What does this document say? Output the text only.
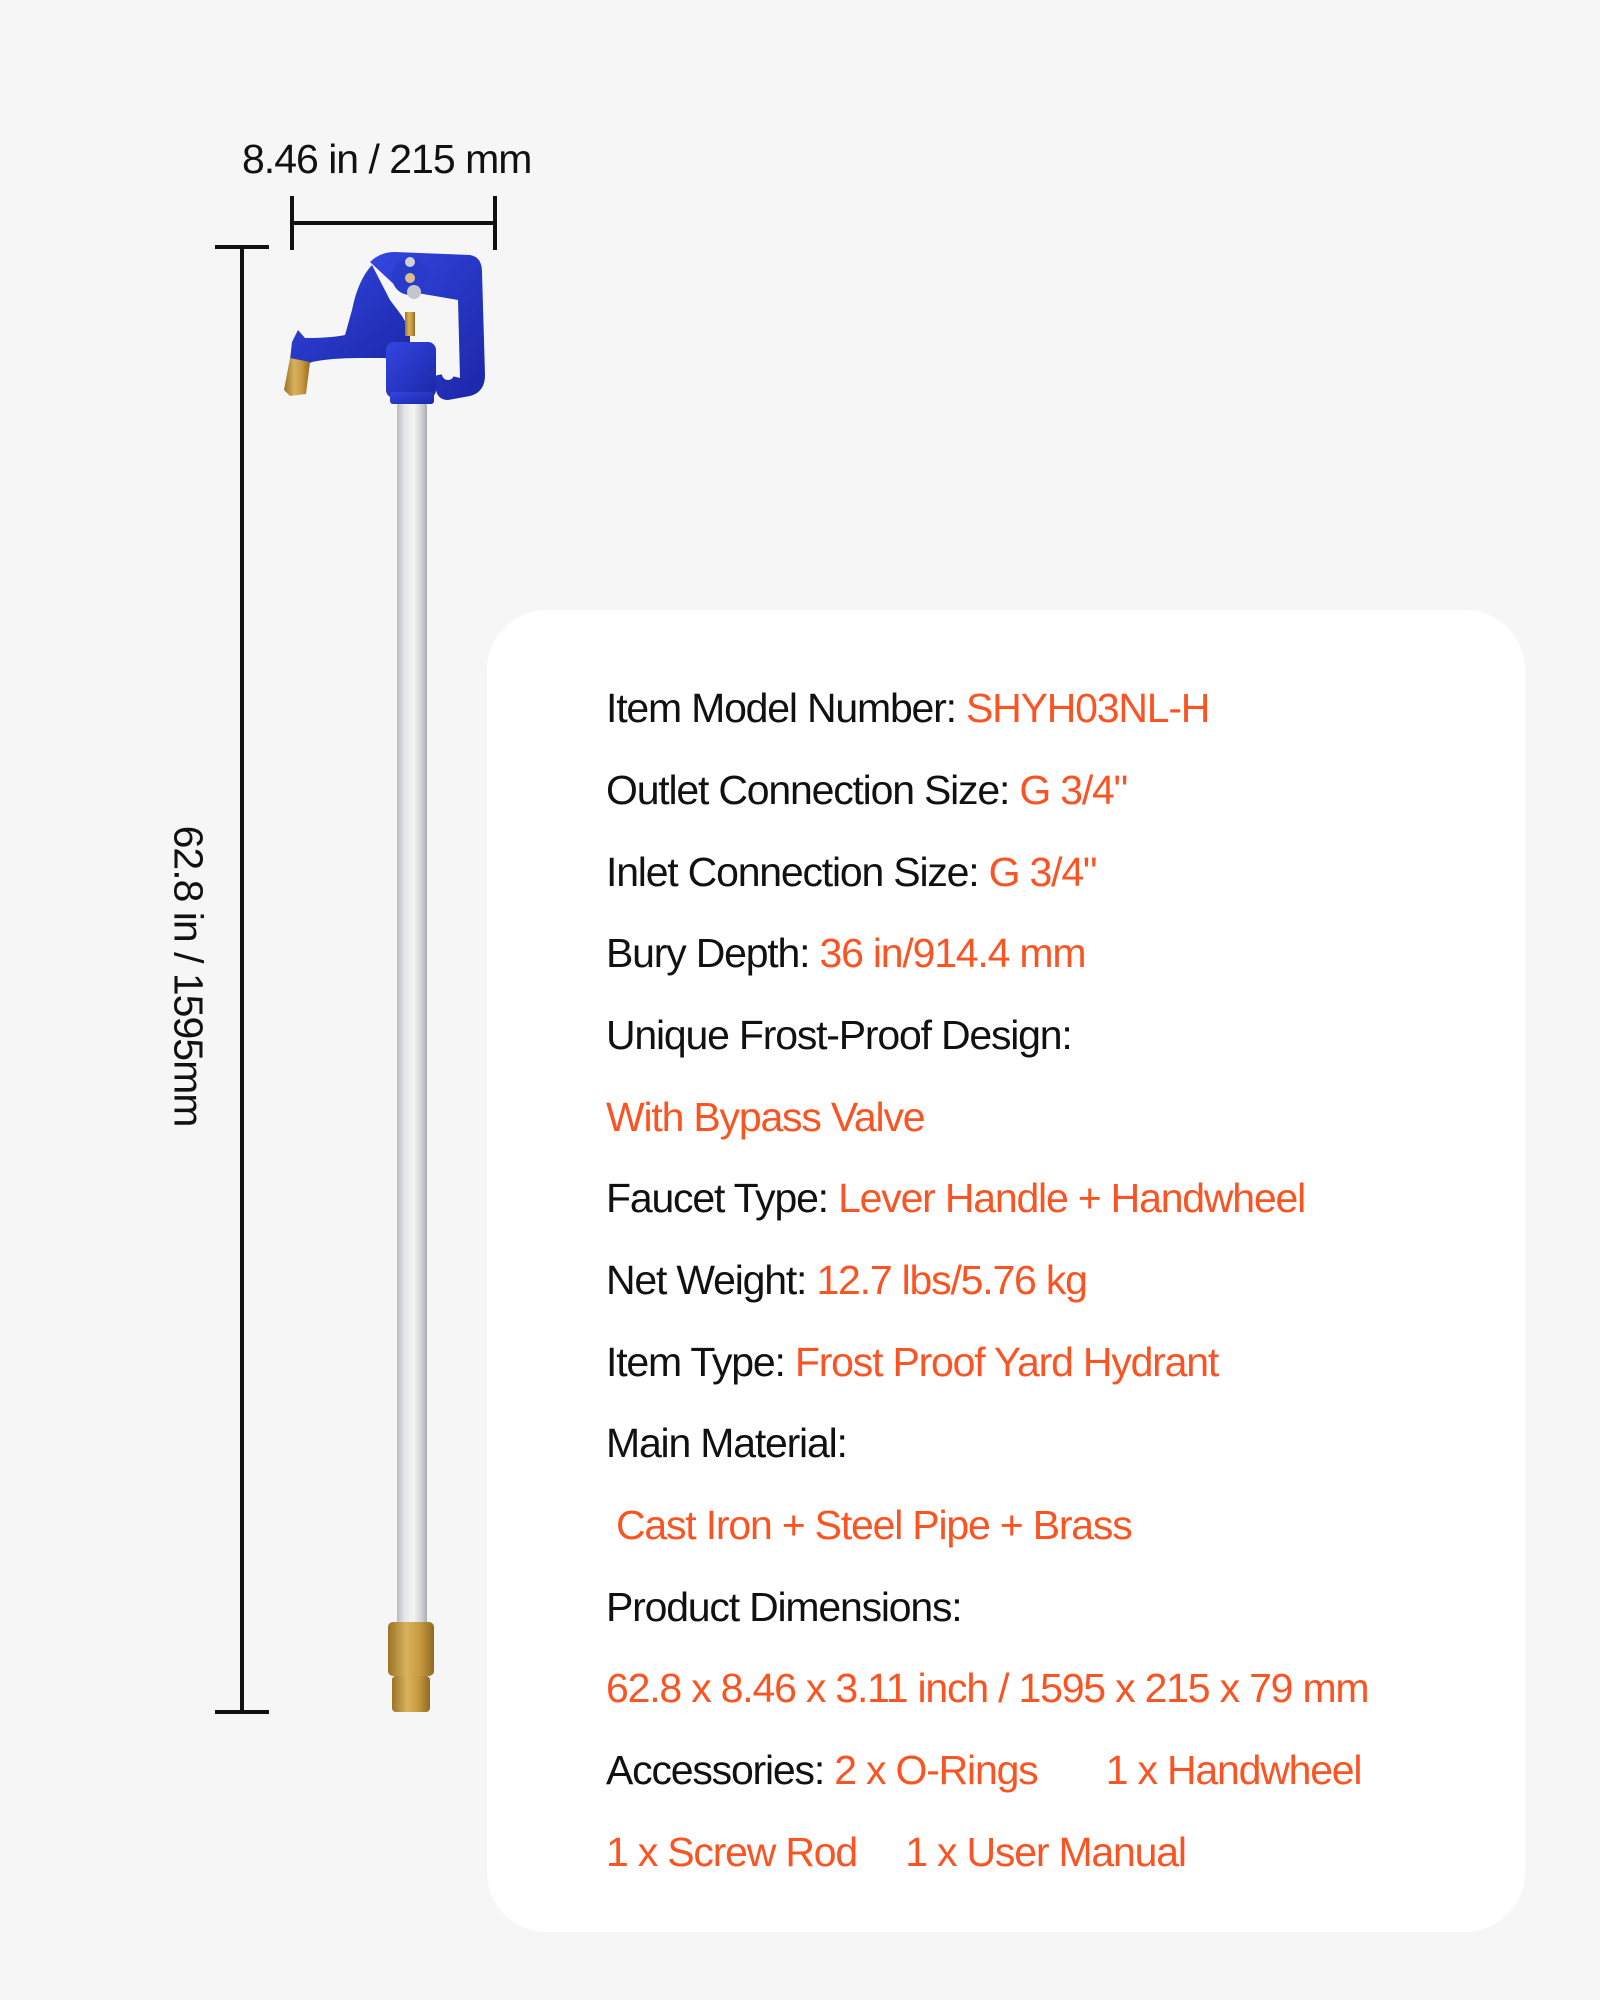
8.46 in / 215 mm
62.8 in / 1595mm
Item Model Number: SHYH03NL-H
Outlet Connection Size: G 3/4"
Inlet Connection Size: G 3/4"
Bury Depth: 36 in/914.4 mm
Unique Frost-Proof Design:
With Bypass Valve
Faucet Type: Lever Handle + Handwheel
Net Weight: 12.7 lbs/5.76 kg
Item Type: Frost Proof Yard Hydrant
Main Material:
Cast Iron + Steel Pipe + Brass
Product Dimensions:
62.8 x 8.46 x 3.11 inch / 1595 x 215 x 79 mm
Accessories: 2 x O-Rings 1 x Handwheel
1 x Screw Rod 1 x User Manual
